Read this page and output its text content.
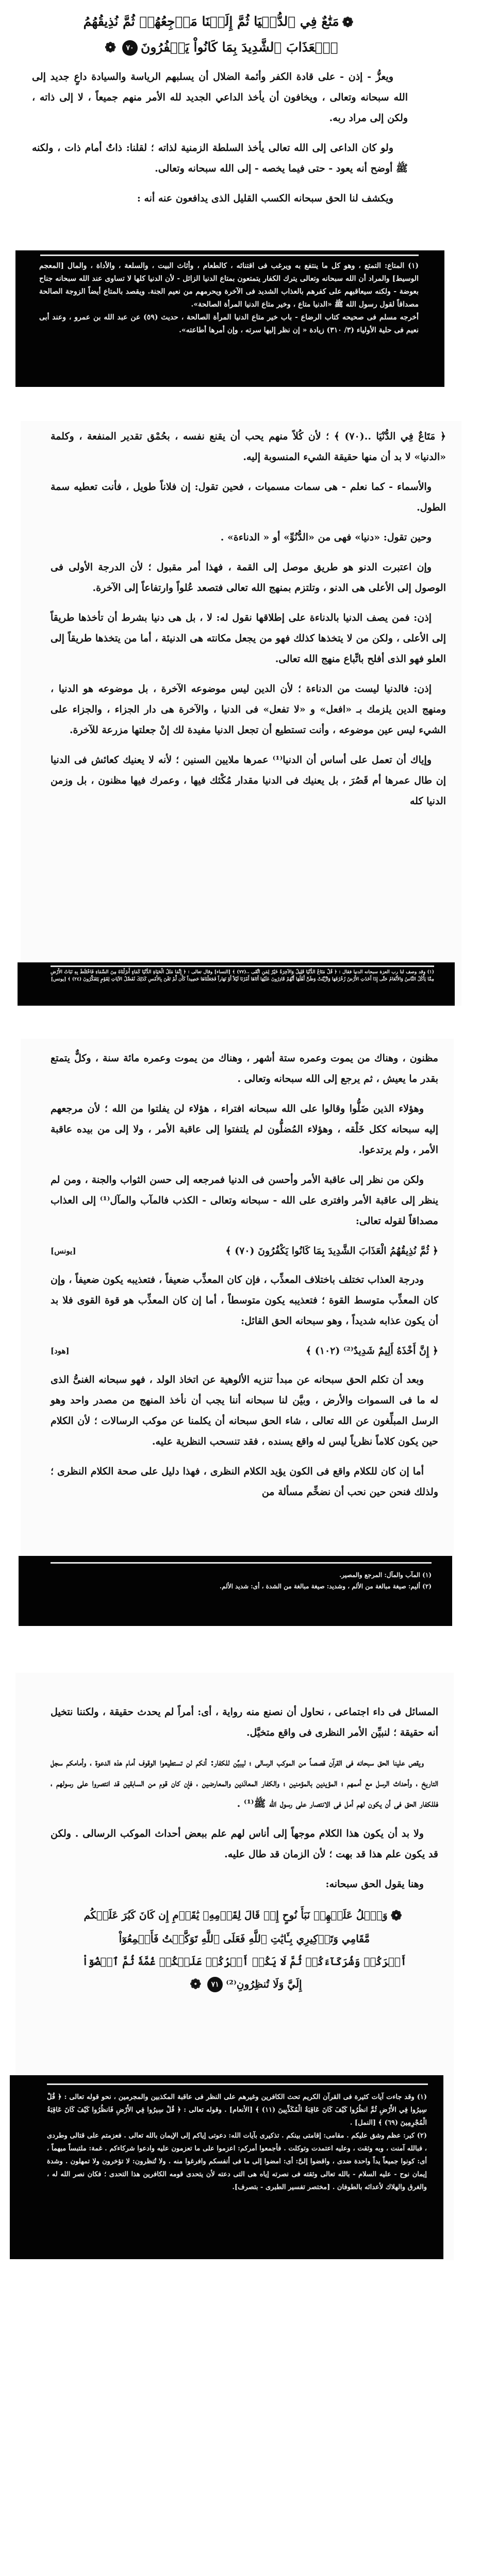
❁مَتَٰعٌ فِي ٱلدُّنۡيَا ثُمَّ إِلَيۡنَا مَرۡجِعُهُمۡ ثُمَّ نُذِيقُهُمُ

ٱلۡعَذَابَ ٱلشَّدِيدَ بِمَا كَانُواْ يَكۡفُرُونَ٧٠❁

ويعزُّ - إذن - على قادة الكفر وأئمة الضلال أن يسلبهم الرياسة والسيادة داعٍ جديد إلى الله سبحانه وتعالى ، ويخافون أن يأخذ الداعي الجديد لله الأمر منهم جميعاً ، لا إلى ذاته ، ولكن إلى مراد ربه.

ولو كان الداعى إلى الله تعالى يأخذ السلطة الزمنية لذاته ؛ لقلنا: ذاتٌ أمام ذات ، ولكنه ﷺ أوضح أنه يعود - حتى فيما يخصه - إلى الله سبحانه وتعالى.

ويكشف لنا الحق سبحانه الكسب القليل الذى يدافعون عنه أنه :

(١) المتاع: التمتع ، وهو كل ما ينتفع به ويرغب فى اقتنائه ، كالطعام ، وأثاث البيت ، والسلعة ، والأداة ، والمال [المعجم الوسيط] والمراد أن الله سبحانه وتعالى يترك الكفار يتمتعون بمتاع الدنيا الزائل - لأن الدنيا كلها لا تساوى عند الله سبحانه جناح بعوضة - ولكنه سيعاقبهم على كفرهم بالعذاب الشديد فى الآخرة ويحرمهم من نعيم الجنة. ويقصد بالمتاع أيضاً الزوجة الصالحة مصداقاً لقول رسول الله ﷺ «الدنيا متاع ، وخير متاع الدنيا المرأة الصالحة».

أخرجه مسلم فى صحيحه كتاب الرضاع - باب خير متاع الدنيا المرأة الصالحة ، حديث (٥٩) عن عبد الله بن عمرو ، وعند أبى نعيم فى حلية الأولياء (٣/ ٣١٠) زيادة « إن نظر إليها سرته ، وإن أمرها أطاعته».

﴿ مَتَاعٌ فِي الدُّنْيَا ..(٧٠) ﴾ ؛ لأن كُلاً منهم يحب أن يقنع نفسه ، بحُمْق تقدير المنفعة ، وكلمة «الدنيا» لا بد أن منها حقيقة الشيء المنسوبة إليه.

والأسماء - كما نعلم - هى سمات مسميات ، فحين تقول: إن فلاناً طويل ، فأنت تعطيه سمة الطول.

وحين تقول: «دنيا» فهى من «الدُّنُوِّ» أو « الدناءة» .

وإن اعتبرت الدنو هو طريق موصل إلى القمة ، فهذا أمر مقبول ؛ لأن الدرجة الأولى فى الوصول إلى الأعلى هى الدنو ، وتلتزم بمنهج الله تعالى فتصعد عُلواً وارتفاعاً إلى الآخرة.

إذن: فمن يصف الدنيا بالدناءة على إطلاقها نقول له: لا ، بل هى دنيا بشرط أن تأخذها طريقاً إلى الأعلى ، ولكن من لا يتخذها كذلك فهو من يجعل مكانته هى الدنيئة ، أما من يتخذها طريقاً إلى العلو فهو الذى أفلح باتِّباع منهج الله تعالى.

إذن: فالدنيا ليست من الدناءة ؛ لأن الدين ليس موضوعه الآخرة ، بل موضوعه هو الدنيا ، ومنهج الدين يلزمك بـ «افعل» و «لا تفعل» فى الدنيا ، والآخرة هى دار الجزاء ، والجزاء على الشيء ليس عين موضوعه ، وأنت تستطيع أن تجعل الدنيا مفيدة لك إنْ جعلتها مزرعة للآخرة.

وإياك أن تعمل على أساس أن الدنيا⁽¹⁾ عمرها ملايين السنين ؛ لأنه لا يعنيك كعائش فى الدنيا إن طال عمرها أم قَصُرَ ، بل يعنيك فى الدنيا مقدار مُكْثك فيها ، وعمرك فيها مظنون ، بل وزمن الدنيا كله

(١) وقد وصف لنا رب العزة سبحانه الدنيا فقال : ﴿ قُلْ مَتَاعُ الدُّنْيَا قَلِيلٌ وَالآخِرَةُ خَيْرٌ لِمَنِ اتَّقَى ..(٧٧) ﴾ [النساء] وقال تعالى : ﴿ إِنَّمَا مَثَلُ الْحَيَاةِ الدُّنْيَا كَمَاءٍ أَنزَلْنَاهُ مِنَ السَّمَاءِ فَاخْتَلَطَ بِهِ نَبَاتُ الأَرْضِ مِمَّا يَأْكُلُ النَّاسُ وَالأَنْعَامُ حَتَّى إِذَا أَخَذَتِ الأَرْضُ زُخْرُفَهَا وَازَّيَّنَتْ وَظَنَّ أَهْلُهَا أَنَّهُمْ قَادِرُونَ عَلَيْهَا أَتَاهَا أَمْرُنَا لَيْلاً أَوْ نَهَاراً فَجَعَلْنَاهَا حَصِيداً كَأَن لَّمْ تَغْنَ بِالأَمْسِ كَذَلِكَ نُفَصِّلُ الآيَاتِ لِقَوْمٍ يَتَفَكَّرُونَ (٢٤) ﴾ [يونس]

مظنون ، وهناك من يموت وعمره ستة أشهر ، وهناك من يموت وعمره مائة سنة ، وكلٌّ يتمتع بقدر ما يعيش ، ثم يرجع إلى الله سبحانه وتعالى .

وهؤلاء الذين ضَلُّوا وقالوا على الله سبحانه افتراء ، هؤلاء لن يفلتوا من الله ؛ لأن مرجعهم إليه سبحانه ككل خَلْقه ، وهؤلاء المُضلُّون لم يلتفتوا إلى عاقبة الأمر ، ولا إلى من بيده عاقبة الأمر ، ولم يرتدعوا.

ولكن من نظر إلى عاقبة الأمر وأحسن فى الدنيا فمرجعه إلى حسن الثواب والجنة ، ومن لم ينظر إلى عاقبة الأمر وافترى على الله - سبحانه وتعالى - الكذب فالمآب والمآل⁽¹⁾ إلى العذاب مصداقاً لقوله تعالى:

﴿ ثُمَّ نُذِيقُهُمُ الْعَذَابَ الشَّدِيدَ بِمَا كَانُوا يَكْفُرُونَ (٧٠) ﴾
[يونس]

ودرجة العذاب تختلف باختلاف المعذِّب ، فإن كان المعذِّب ضعيفاً ، فتعذيبه يكون ضعيفاً ، وإن كان المعذِّب متوسط القوة ؛ فتعذيبه يكون متوسطاً ، أما إن كان المعذِّب هو قوة القوى فلا بد أن يكون عذابه شديداً ، وهو سبحانه الحق القائل:

﴿ إِنَّ أَخْذَهُ أَلِيمٌ شَدِيدٌ⁽²⁾ (١٠٢) ﴾
[هود]

وبعد أن تكلم الحق سبحانه عن مبدأ تنزيه الألوهية عن اتخاذ الولد ، فهو سبحانه الغنىُّ الذى له ما فى السموات والأرض ، وبيَّن لنا سبحانه أننا يجب أن نأخذ المنهج من مصدر واحد وهو الرسل المبلِّغون عن الله تعالى ، شاء الحق سبحانه أن يكلمنا عن موكب الرسالات ؛ لأن الكلام حين يكون كلاماً نظرياً ليس له واقع يسنده ، فقد تنسحب النظرية عليه.

أما إن كان للكلام واقع فى الكون يؤيد الكلام النظرى ، فهذا دليل على صحة الكلام النظرى ؛ ولذلك فنحن حين نحب أن نضخِّم مسألة من

(١) المآب والمآل: المرجع والمصير.

(٢) أليم: صيغة مبالغة من الألم ، وشديد: صيغة مبالغة من الشدة ، أى: شديد الألم.

المسائل فى داء اجتماعى ، نحاول أن نصنع منه رواية ، أى: أمراً لم يحدث حقيقة ، ولكننا نتخيل أنه حقيقة ؛ لنبيِّن الأمر النظرى فى واقع متخيَّل.

ويقص علينا الحق سبحانه فى القرآن قصصاً من الموكب الرسالى ؛ ليبيِّن للكفار: أنكم لن تستطيعوا الوقوف أمام هذه الدعوة ، وأمامكم سجل التاريخ ، وأحداث الرسل مع أممهم ؛ المؤيدين بالمؤمنين ؛ والكفار المعانَدين والمعارضين ، فإن كان قوم من السابقين قد انتصروا على رسولهم ، فللكفار الحق فى أن يكون لهم أمل فى الانتصار على رسول الله ﷺ⁽¹⁾ .

ولا بد أن يكون هذا الكلام موجهاً إلى أناس لهم علم ببعض أحداث الموكب الرسالى . ولكن قد يكون علم هذا قد بهت ؛ لأن الزمان قد طال عليه.

وهنا يقول الحق سبحانه:

❁وَٱتۡلُ عَلَيۡهِمۡ نَبَأَ نُوحٍ إِذۡ قَالَ لِقَوۡمِهِۦ يَٰقَوۡمِ إِن كَانَ كَبُرَ عَلَيۡكُم

مَّقَامِي وَتَذۡكِيرِي بِـَٔايَٰتِ ٱللَّهِ فَعَلَى ٱللَّهِ تَوَكَّلۡتُ فَأَجۡمِعُوٓاْ

أَمۡرَكُمۡ وَشُرَكَآءَكُمۡ ثُمَّ لَا يَكُنۡ أَمۡرُكُمۡ عَلَيۡكُمۡ غُمَّةٗ ثُمَّ ٱقۡضُوٓاْ

إِلَيَّ وَلَا تُنظِرُونِ⁽²⁾٧١❁

(١) وقد جاءت آيات كثيرة فى القرآن الكريم تحث الكافرين وغيرهم على النظر فى عاقبة المكذبين والمجرمين ، نحو قوله تعالى : ﴿ قُلْ سِيرُوا فِي الأَرْضِ ثُمَّ انظُرُوا كَيْفَ كَانَ عَاقِبَةُ الْمُكَذِّبِينَ (١١) ﴾ [الأنعام] . وقوله تعالى : ﴿ قُلْ سِيرُوا فِي الأَرْضِ فَانظُرُوا كَيْفَ كَانَ عَاقِبَةُ الْمُجْرِمِينَ (٦٩) ﴾ [النمل] .

(٢) كبر: عظم وشق عليكم . مقامى: إقامتى بينكم . تذكيرى بآيات الله: دعوتى إياكم إلى الإيمان بالله تعالى . فعزمتم على قتالى وطردى ، فبالله آمنت ، وبه وثقت ، وعليه اعتمدت وتوكلت . فأجمعوا أمركم: اعزموا على ما تعزمون عليه وادعوا شركاءكم . غمة: ملتبساً مبهماً ، أى: كونوا جميعاً يداً واحدة ضدى ، واقضوا إلىَّ: أى: امضوا إلى ما فى أنفسكم وافرغوا منه . ولا تُنظرون: لا تؤخرون ولا تمهلون . وشدة إيمان نوح - عليه السلام - بالله تعالى وثقته فى نصرته إياه هى التى دعته لأن يتحدى قومه الكافرين هذا التحدى ؛ فكان نصر الله له ، والغرق والهلاك لأعدائه بالطوفان . [مختصر تفسير الطبرى - بتصرف].
